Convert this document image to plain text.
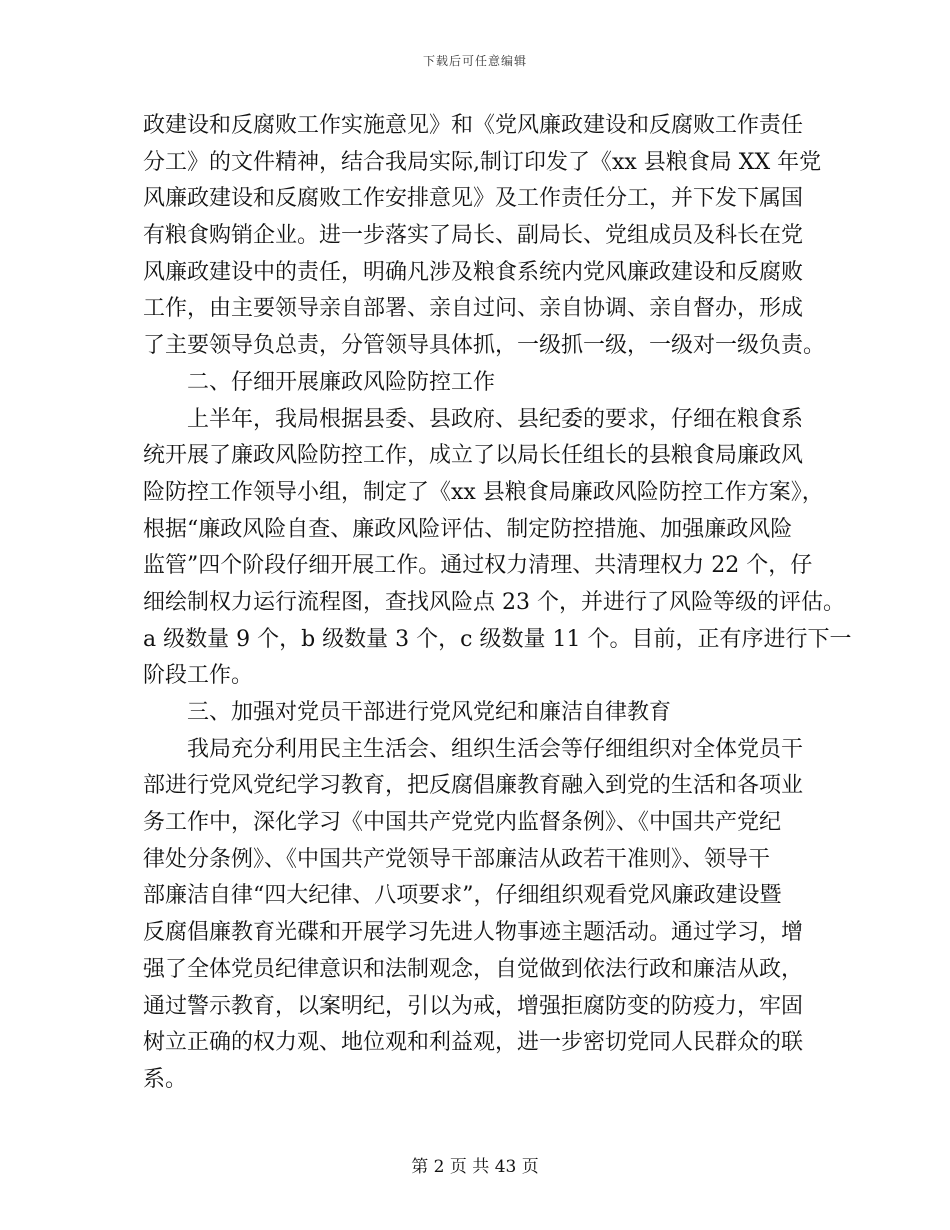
下载后可任意编辑
政建设和反腐败工作实施意见》和《党风廉政建设和反腐败工作责任
分工》的文件精神，结合我局实际,制订印发了《xx 县粮食局 XX 年党
风廉政建设和反腐败工作安排意见》及工作责任分工，并下发下属国
有粮食购销企业。进一步落实了局长、副局长、党组成员及科长在党
风廉政建设中的责任，明确凡涉及粮食系统内党风廉政建设和反腐败
工作，由主要领导亲自部署、亲自过问、亲自协调、亲自督办，形成
了主要领导负总责，分管领导具体抓，一级抓一级，一级对一级负责。
二、仔细开展廉政风险防控工作
上半年，我局根据县委、县政府、县纪委的要求，仔细在粮食系
统开展了廉政风险防控工作，成立了以局长任组长的县粮食局廉政风
险防控工作领导小组，制定了《xx 县粮食局廉政风险防控工作方案》，
根据“廉政风险自查、廉政风险评估、制定防控措施、加强廉政风险
监管”四个阶段仔细开展工作。通过权力清理、共清理权力 22 个，仔
细绘制权力运行流程图，查找风险点 23 个，并进行了风险等级的评估。
a 级数量 9 个，b 级数量 3 个，c 级数量 11 个。目前，正有序进行下一
阶段工作。
三、加强对党员干部进行党风党纪和廉洁自律教育
我局充分利用民主生活会、组织生活会等仔细组织对全体党员干
部进行党风党纪学习教育，把反腐倡廉教育融入到党的生活和各项业
务工作中，深化学习《中国共产党党内监督条例》、《中国共产党纪
律处分条例》、《中国共产党领导干部廉洁从政若干准则》、领导干
部廉洁自律“四大纪律、八项要求”，仔细组织观看党风廉政建设暨
反腐倡廉教育光碟和开展学习先进人物事迹主题活动。通过学习，增
强了全体党员纪律意识和法制观念，自觉做到依法行政和廉洁从政，
通过警示教育，以案明纪，引以为戒，增强拒腐防变的防疫力，牢固
树立正确的权力观、地位观和利益观，进一步密切党同人民群众的联
系。
第 2 页 共 43 页
